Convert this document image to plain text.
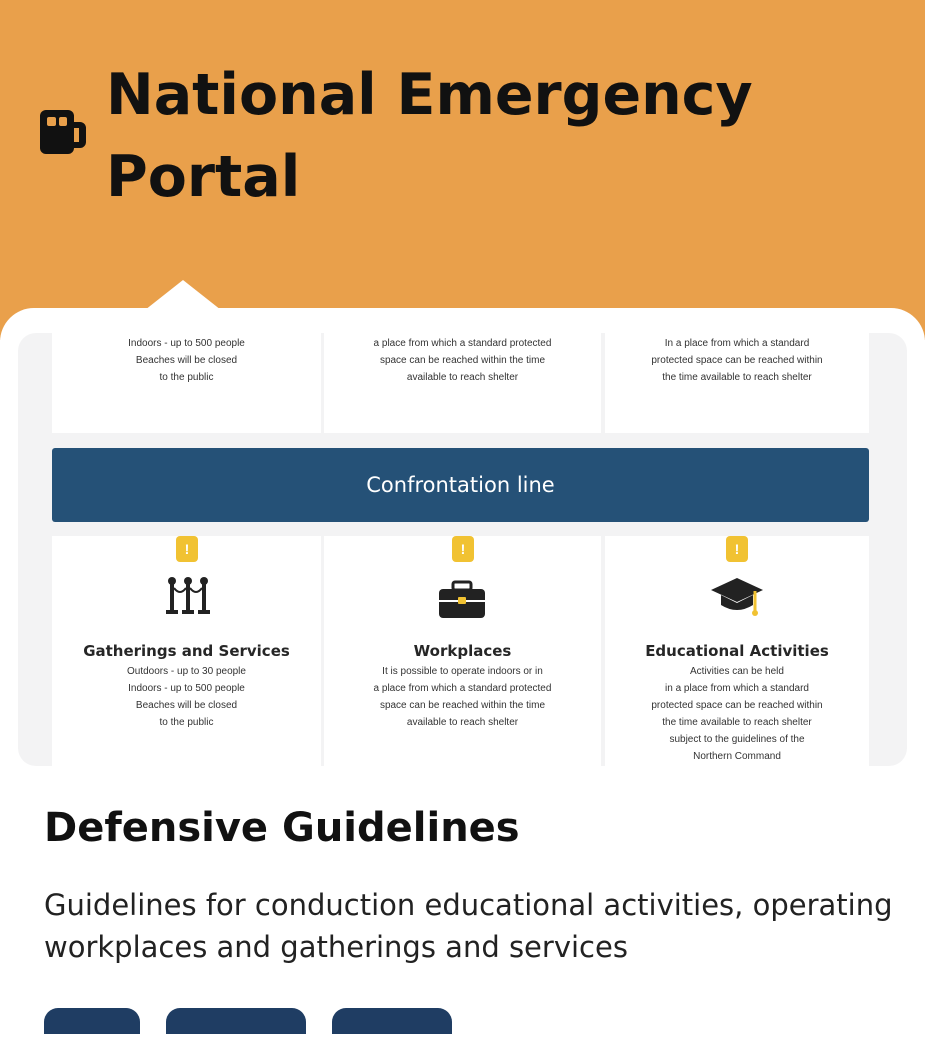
National Emergency
Portal
Indoors - up to 500 people
Beaches will be closed
to the public
a place from which a standard protected
space can be reached within the time
available to reach shelter
In a place from which a standard
protected space can be reached within
the time available to reach shelter
Confrontation line
!
Gatherings and Services
Outdoors - up to 30 people
Indoors - up to 500 people
Beaches will be closed
to the public
!
Workplaces
It is possible to operate indoors or in
a place from which a standard protected
space can be reached within the time
available to reach shelter
!
Educational Activities
Activities can be held
in a place from which a standard
protected space can be reached within
the time available to reach shelter
subject to the guidelines of the
Northern Command
Defensive Guidelines

Guidelines for conduction educational activities, operating workplaces and gatherings and services
